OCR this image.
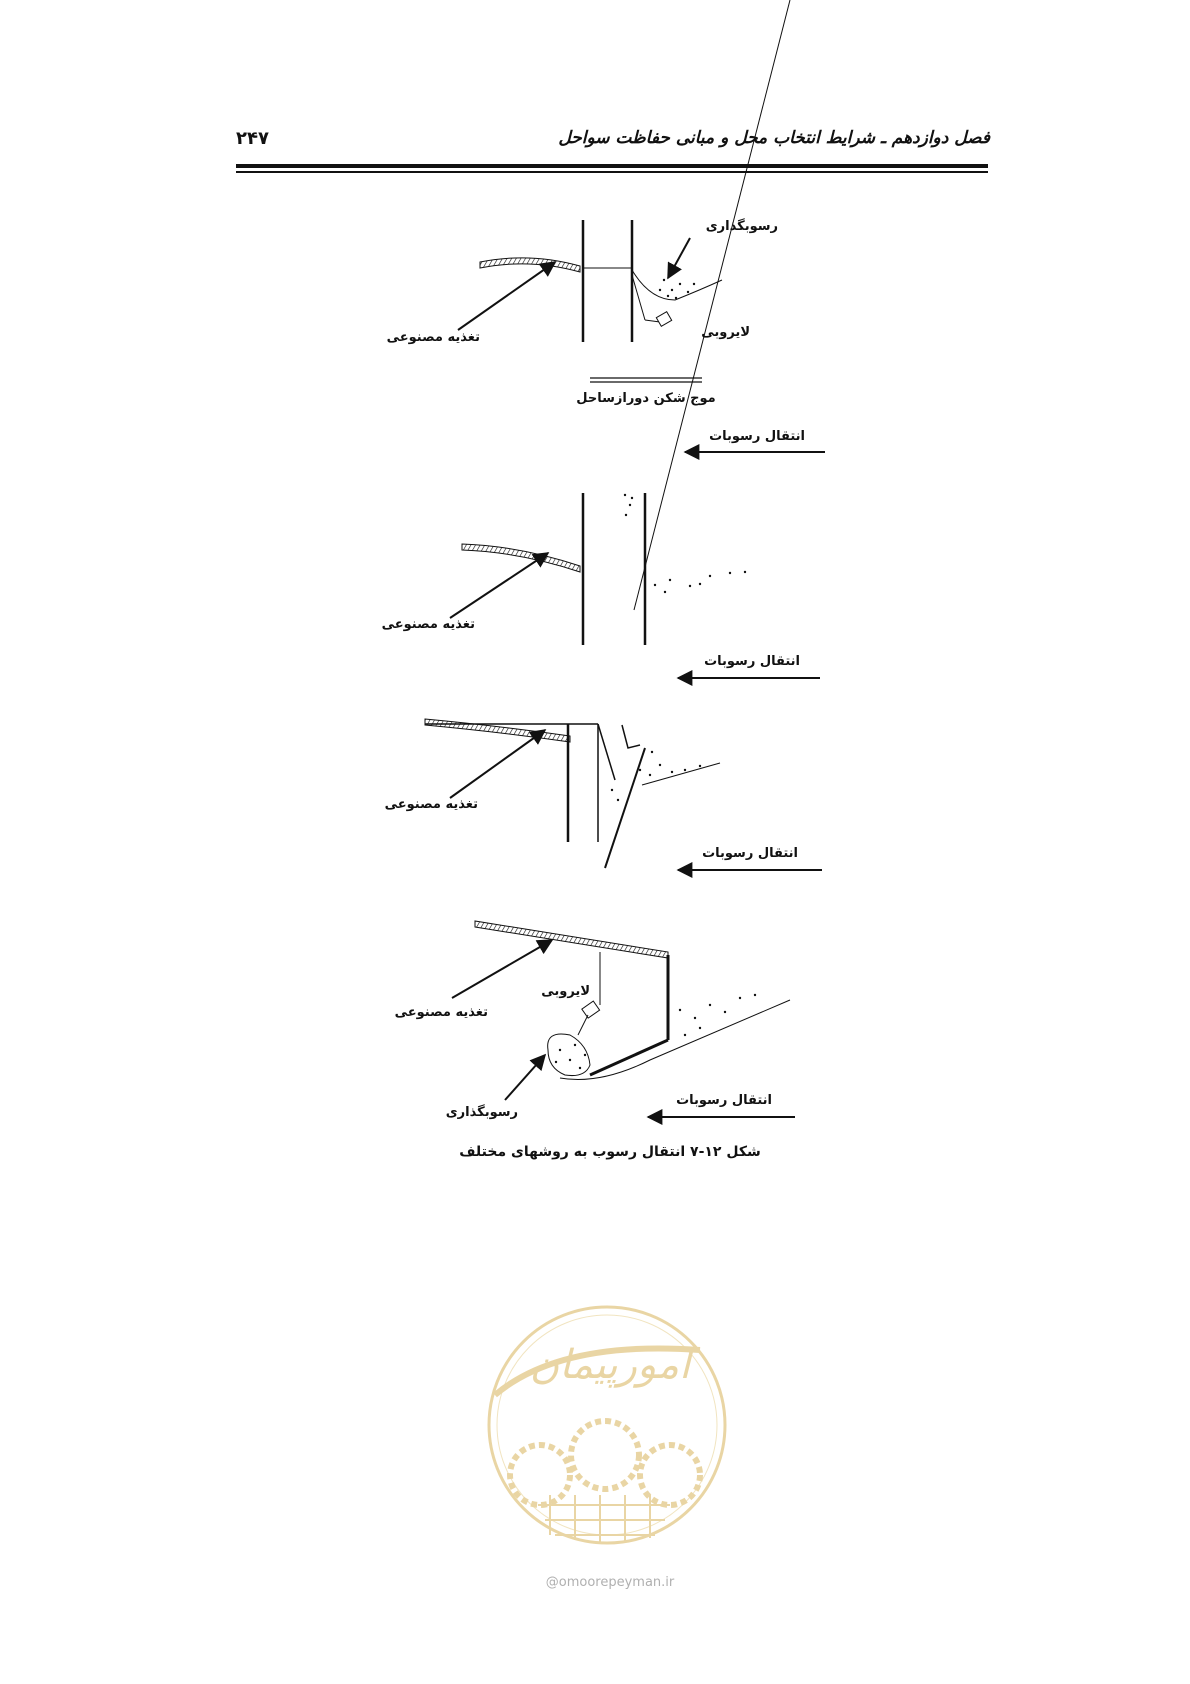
فصل دوازدهم ـ شرایط انتخاب محل و مبانی حفاظت سواحل
۲۴۷
رسوبگذاری
تغذیه مصنوعی	لایروبی
موج شکن دورازساحل
انتقال رسوبات
تغذیه مصنوعی
انتقال رسوبات
تغذیه مصنوعی
انتقال رسوبات
لایروبی
تغذیه مصنوعی
انتقال رسوبات
رسوبگذاری
شکل ۱۲-۷ انتقال رسوب به روشهای مختلف
امورپیمان
@omoorepeyman.ir
